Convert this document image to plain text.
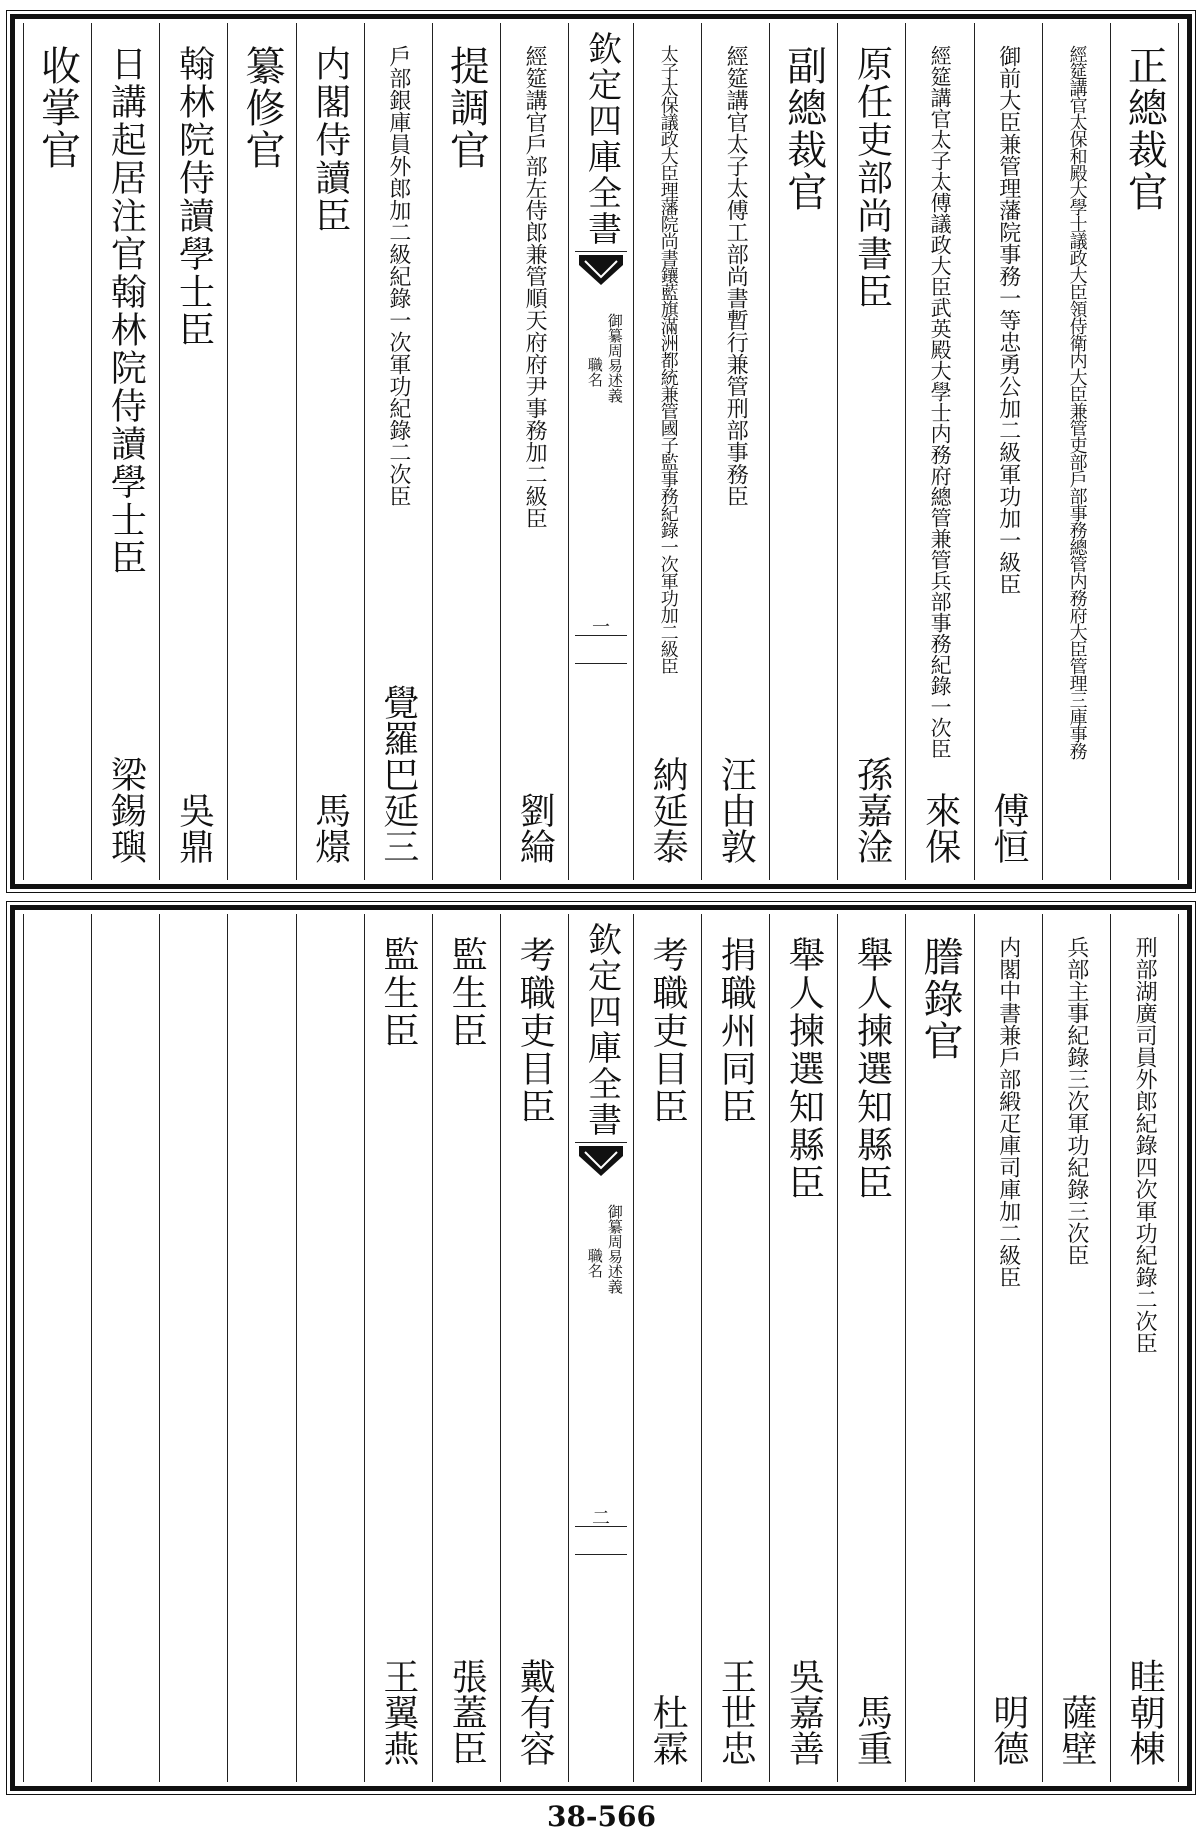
正總裁官
經筵講官太保和殿大學士議政大臣領侍衛内大臣兼管吏部戶部事務總管内務府大臣管理三庫事務
御前大臣兼管理藩院事務一等忠勇公加二級軍功加一級臣
傅恒
經筵講官太子太傅議政大臣武英殿大學士内務府總管兼管兵部事務紀錄一次臣
來保
原任吏部尚書臣
孫嘉淦
副總裁官
經筵講官太子太傅工部尚書暫行兼管刑部事務臣
汪由敦
太子太保議政大臣理藩院尚書鑲藍旗滿洲都統兼管國子監事務紀錄一次軍功加二級臣
納延泰
欽定四庫全書
御纂周易述義
職名
一
經筵講官戶部左侍郎兼管順天府府尹事務加二級臣
劉綸
提調官
戶部銀庫員外郎加二級紀錄一次軍功紀錄二次臣
覺羅巴延三
内閣侍讀臣
馬燝
纂修官
翰林院侍讀學士臣
吳鼎
日講起居注官翰林院侍讀學士臣
梁錫璵
收掌官
刑部湖廣司員外郎紀錄四次軍功紀錄二次臣
眭朝棟
兵部主事紀錄三次軍功紀錄三次臣
薩壁
内閣中書兼戶部緞疋庫司庫加二級臣
明德
謄錄官
舉人揀選知縣臣
馬重
舉人揀選知縣臣
吳嘉善
捐職州同臣
王世忠
考職吏目臣
杜霖
欽定四庫全書
御纂周易述義
職名
二
考職吏目臣
戴有容
監生臣
張蓋臣
監生臣
王翼燕
38-566
